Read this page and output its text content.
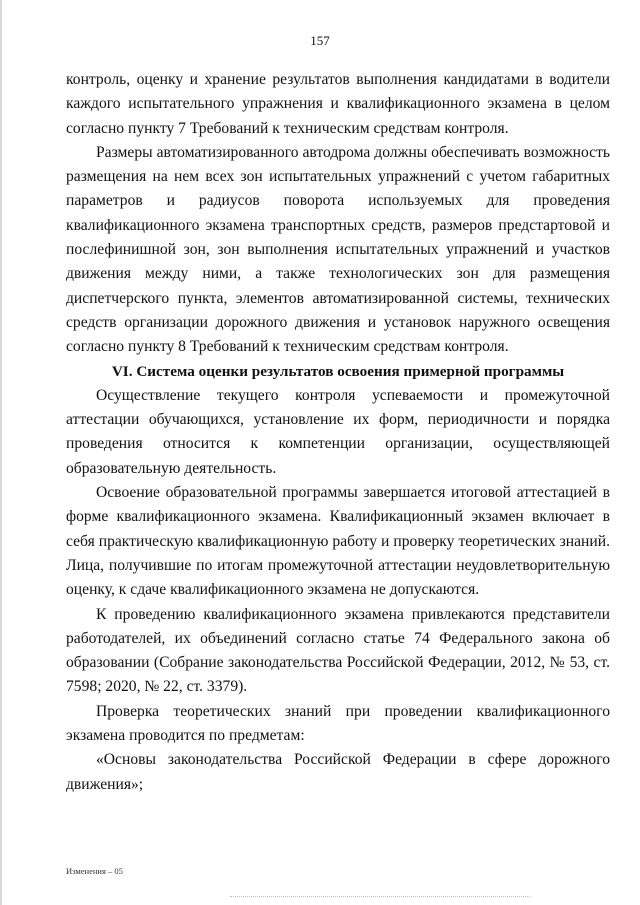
157

контроль, оценку и хранение результатов выполнения кандидатами в водители каждого испытательного упражнения и квалификационного экзамена в целом согласно пункту 7 Требований к техническим средствам контроля.

Размеры автоматизированного автодрома должны обеспечивать возможность размещения на нем всех зон испытательных упражнений с учетом габаритных параметров и радиусов поворота используемых для проведения квалификационного экзамена транспортных средств, размеров предстартовой и послефинишной зон, зон выполнения испытательных упражнений и участков движения между ними, а также технологических зон для размещения диспетчерского пункта, элементов автоматизированной системы, технических средств организации дорожного движения и установок наружного освещения согласно пункту 8 Требований к техническим средствам контроля.

VI. Система оценки результатов освоения примерной программы

Осуществление текущего контроля успеваемости и промежуточной аттестации обучающихся, установление их форм, периодичности и порядка проведения относится к компетенции организации, осуществляющей образовательную деятельность.

Освоение образовательной программы завершается итоговой аттестацией в форме квалификационного экзамена. Квалификационный экзамен включает в себя практическую квалификационную работу и проверку теоретических знаний. Лица, получившие по итогам промежуточной аттестации неудовлетворительную оценку, к сдаче квалификационного экзамена не допускаются.

К проведению квалификационного экзамена привлекаются представители работодателей, их объединений согласно статье 74 Федерального закона об образовании (Собрание законодательства Российской Федерации, 2012, № 53, ст. 7598; 2020, № 22, ст. 3379).

Проверка теоретических знаний при проведении квалификационного экзамена проводится по предметам:

«Основы законодательства Российской Федерации в сфере дорожного движения»;

Изменения – 05
